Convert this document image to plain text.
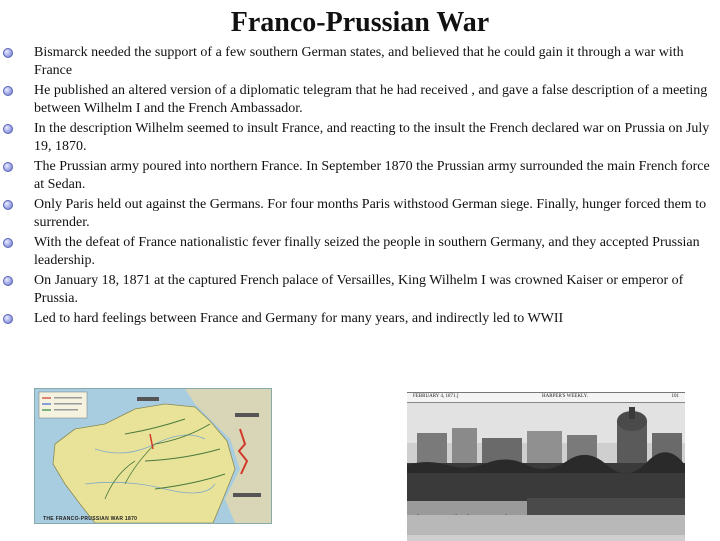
Franco-Prussian War
Bismarck needed the support of a few southern German states, and believed that he could gain it through a war with France
He published an altered version of a diplomatic telegram that he had received , and gave a false description of a meeting between Wilhelm I and the French Ambassador.
In the description Wilhelm seemed to insult France, and reacting to the insult the French declared war on Prussia on July 19, 1870.
The Prussian army poured into northern France. In September 1870 the Prussian army surrounded the main French force at Sedan.
Only Paris held out against the Germans. For four months Paris withstood German siege. Finally, hunger forced them to surrender.
With the defeat of France nationalistic fever finally seized the people in southern Germany, and they accepted Prussian leadership.
On January 18, 1871 at the captured French palace of Versailles, King Wilhelm I was crowned Kaiser or emperor of Prussia.
Led to hard feelings between France and Germany for many years, and indirectly led to WWII
THE FRANCO-PRUSSIAN WAR 1870
FEBRUARY 4, 1871.]	HARPER'S WEEKLY.	101
